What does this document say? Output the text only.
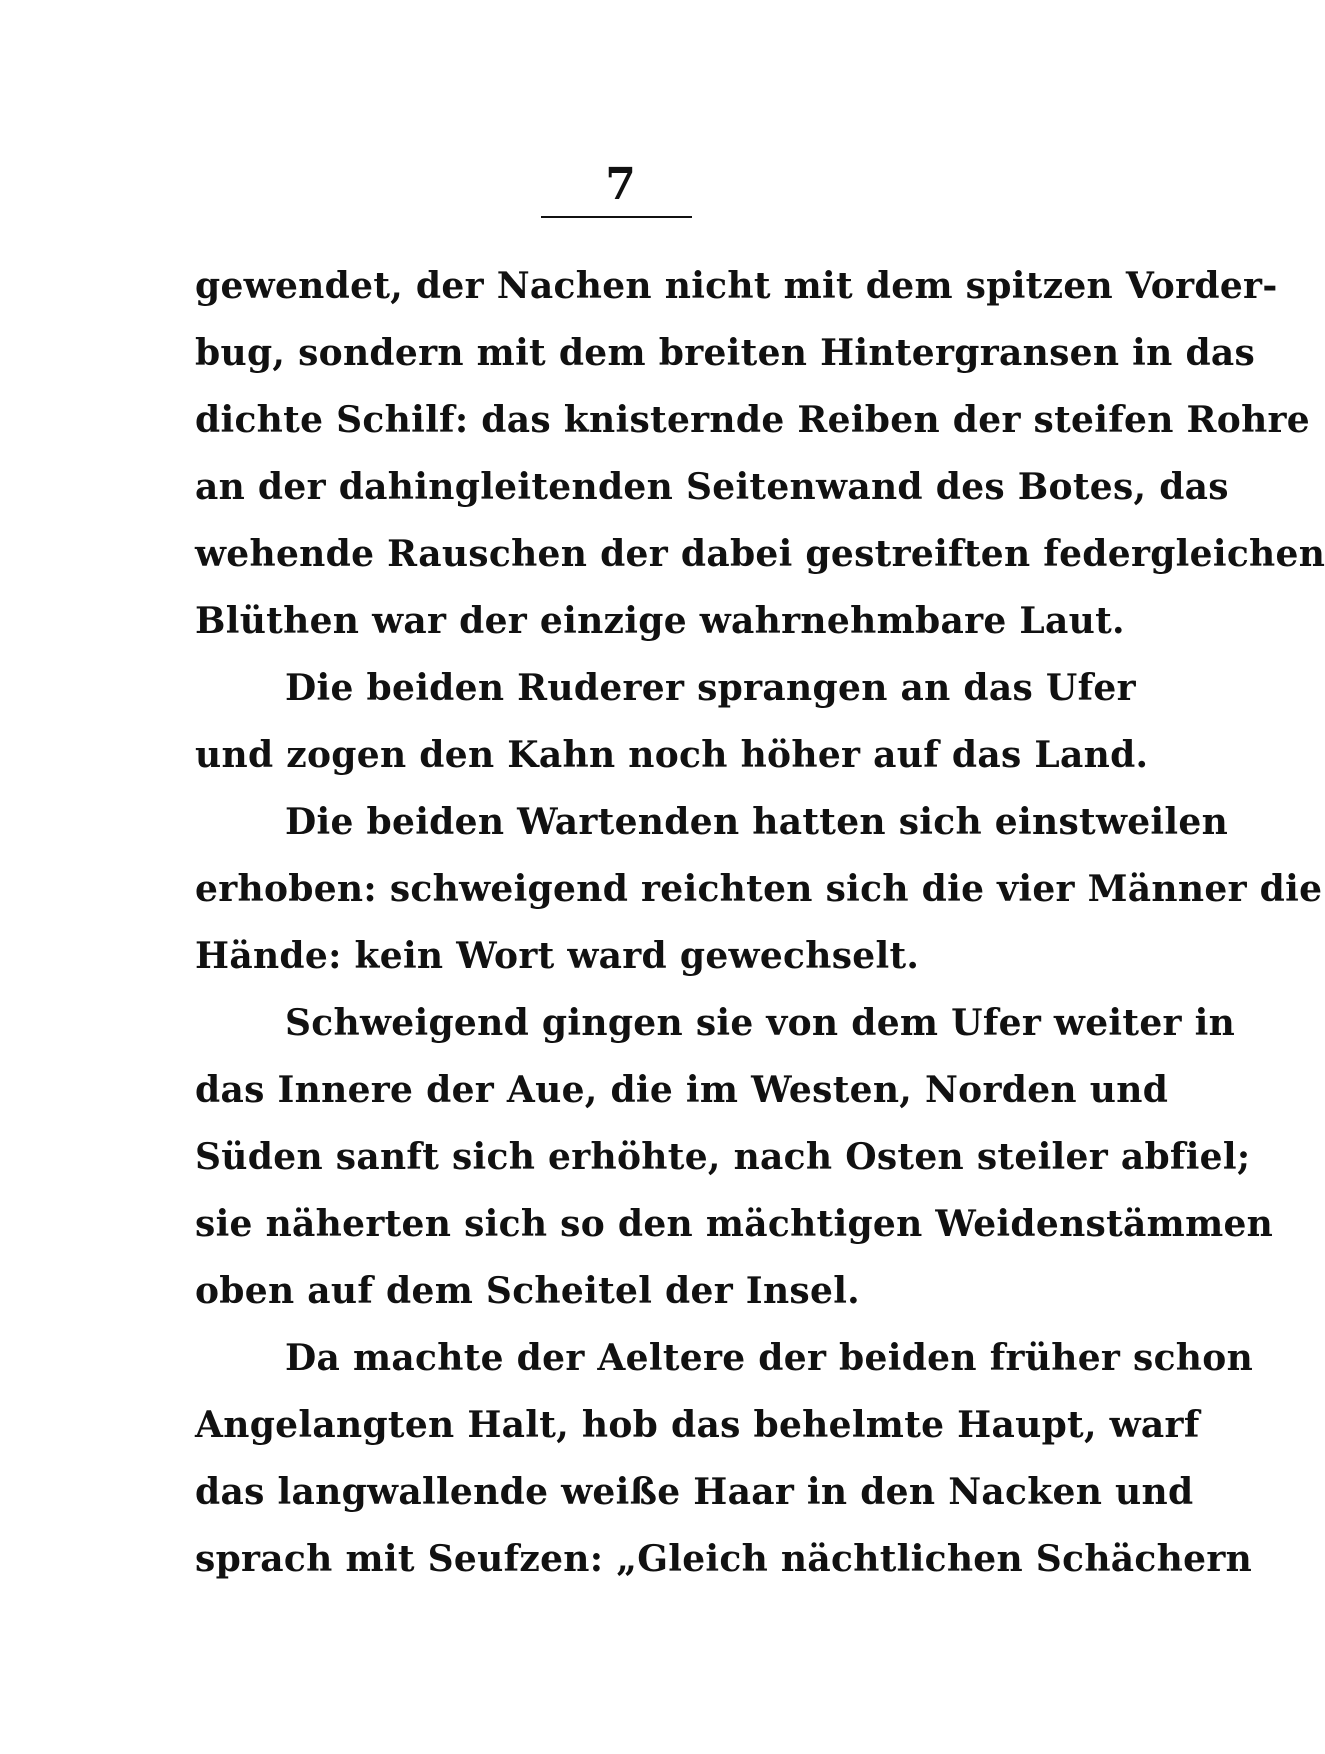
7
gewendet, der Nachen nicht mit dem spitzen Vorder-
bug, sondern mit dem breiten Hintergransen in das
dichte Schilf: das knisternde Reiben der steifen Rohre
an der dahingleitenden Seitenwand des Botes, das
wehende Rauschen der dabei gestreiften federgleichen
Blüthen war der einzige wahrnehmbare Laut.
Die beiden Ruderer sprangen an das Ufer
und zogen den Kahn noch höher auf das Land.
Die beiden Wartenden hatten sich einstweilen
erhoben: schweigend reichten sich die vier Männer die
Hände: kein Wort ward gewechselt.
Schweigend gingen sie von dem Ufer weiter in
das Innere der Aue, die im Westen, Norden und
Süden sanft sich erhöhte, nach Osten steiler abfiel;
sie näherten sich so den mächtigen Weidenstämmen
oben auf dem Scheitel der Insel.
Da machte der Aeltere der beiden früher schon
Angelangten Halt, hob das behelmte Haupt, warf
das langwallende weiße Haar in den Nacken und
sprach mit Seufzen: „Gleich nächtlichen Schächern
